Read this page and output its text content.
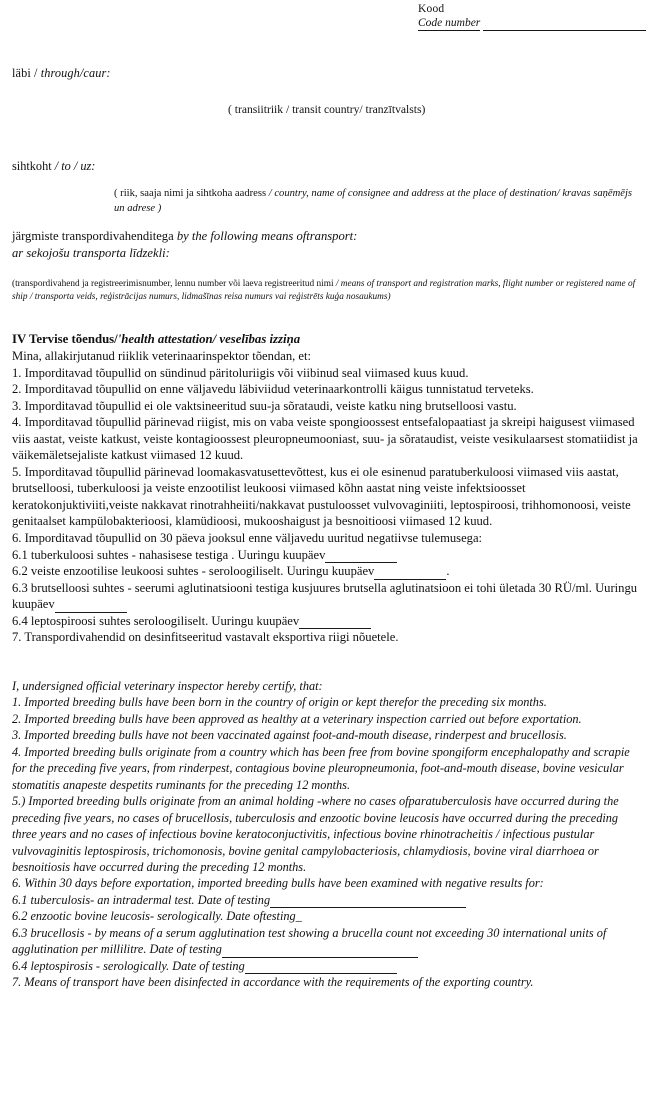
Kood
Code number
läbi / through/caur:
( transiitriik / transit country/ tranzītvalsts)
sihtkoht / to / uz:
( riik, saaja nimi ja sihtkoha aadress / country, name of consignee and address at the place of destination/ kravas saņēmējs un adrese )
järgmiste transpordivahenditega by the following means oftransport:
ar sekojošu transporta līdzekli:
(transpordivahend ja registreerimisnumber, lennu number või laeva registreeritud nimi / means of transport and registration marks, flight number or registered name of ship / transporta veids, reģistrācijas numurs, lidmašīnas reisa numurs vai reģistrēts kuģa nosaukums)
IV Tervise tõendus/'health attestation/ veselības izziņa

Mina, allakirjutanud riiklik veterinaarinspektor tõendan, et:

1. Imporditavad tõupullid on sündinud päritoluriigis või viibinud seal viimased kuus kuud.

2. Imporditavad tõupullid on enne väljavedu läbiviidud veterinaarkontrolli käigus tunnistatud terveteks.

3. Imporditavad tõupullid ei ole vaktsineeritud suu-ja sõrataudi, veiste katku ning brutselloosi vastu.

4. Imporditavad tõupullid pärinevad riigist, mis on vaba veiste spongioossest entsefalopaatiast ja skreipi haigusest viimased viis aastat, veiste katkust, veiste kontagioossest pleuropneumooniast, suu- ja sõrataudist, veiste vesikulaarsest stomatiidist ja väikemäletsejaliste katkust viimased 12 kuud.

5. Imporditavad tõupullid pärinevad loomakasvatusettevõttest, kus ei ole esinenud paratuberkuloosi viimased viis aastat, brutselloosi, tuberkuloosi ja veiste enzootilist leukoosi viimased kõhn aastat ning veiste infektsioosset keratokonjuktiviiti,veiste nakkavat rinotrahheiiti/nakkavat pustuloosset vulvovaginiiti, leptospiroosi, trihhomonoosi, veiste genitaalset kampülobakterioosi, klamüdioosi, mukooshaigust ja besnoitioosi viimased 12 kuud.

6. Imporditavad tõupullid on 30 päeva jooksul enne väljavedu uuritud negatiivse tulemusega:

6.1 tuberkuloosi suhtes - nahasisese testiga . Uuringu kuupäev

6.2 veiste enzootilise leukoosi suhtes - seroloogiliselt. Uuringu kuupäev	.

6.3 brutselloosi suhtes - seerumi aglutinatsiooni testiga kusjuures brutsella aglutinatsioon ei tohi ületada 30 RÜ/ml. Uuringu kuupäev

6.4 leptospiroosi suhtes seroloogiliselt. Uuringu kuupäev

7. Transpordivahendid on desinfitseeritud vastavalt eksportiva riigi nõuetele.

I, undersigned official veterinary inspector hereby certify, that:

1. Imported breeding bulls have been born in the country of origin or kept therefor the preceding six months.

2. Imported breeding bulls have been approved as healthy at a veterinary inspection carried out before exportation.

3. Imported breeding bulls have not been vaccinated against foot-and-mouth disease, rinderpest and brucellosis.

4. Imported breeding bulls originate from a country which has been free from bovine spongiform encephalopathy and scrapie for the preceding five years, from rinderpest, contagious bovine pleuropneumonia, foot-and-mouth disease, bovine vesicular stomatitis anapeste despetits ruminants for the preceding 12 months.

5.) Imported breeding bulls originate from an animal holding -where no cases ofparatuberculosis have occurred during the preceding five years, no cases of brucellosis, tuberculosis and enzootic bovine leucosis have occurred during the preceding three years and no cases of infectious bovine keratoconjuctivitis, infectious bovine rhinotracheitis / infectious pustular vulvovaginitis leptospirosis, trichomonosis, bovine genital campylobacteriosis, chlamydiosis, bovine viral diarrhoea or besnoitiosis have occurred during the preceding 12 months.

6. Within 30 days before exportation, imported breeding bulls have been examined with negative results for:

6.1 tuberculosis- an intradermal test. Date of testing

6.2 enzootic bovine leucosis- serologically. Date oftesting_

6.3 brucellosis - by means of a serum agglutination test showing a brucella count not exceeding 30 international units of agglutination per millilitre. Date of testing

6.4 leptospirosis - serologically. Date of testing

7. Means of transport have been disinfected in accordance with the requirements of the exporting country.
